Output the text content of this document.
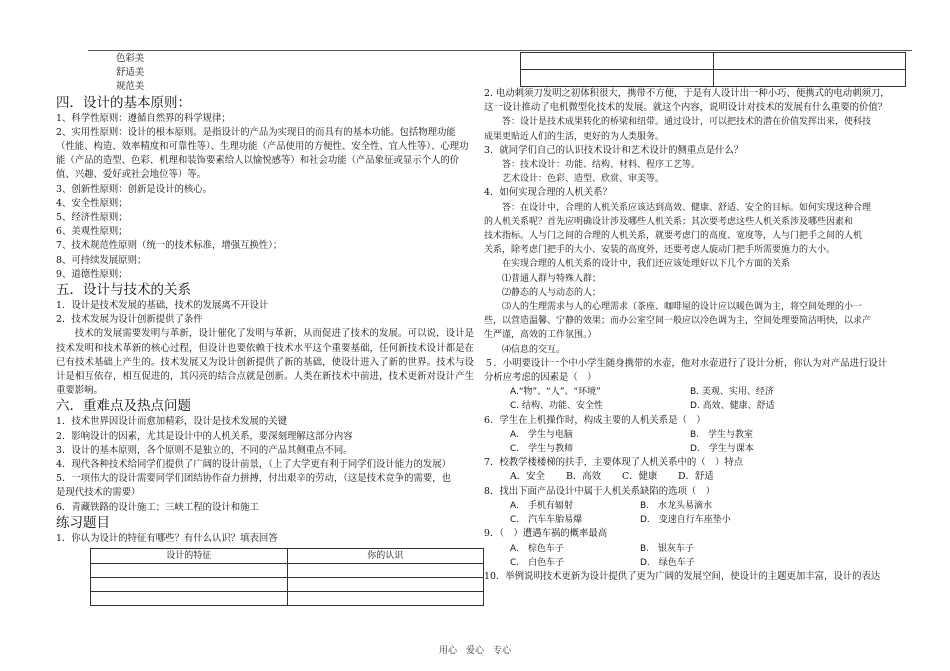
色彩美
舒适美
规范美
四．设计的基本原则：
1、科学性原则：遵循自然界的科学规律；
2、实用性原则：设计的根本原则。是指设计的产品为实现目的而具有的基本功能。包括物理功能
（性能、构造、效率精度和可靠性等）、生理功能（产品使用的方便性、安全性、宜人性等）、心理功
能（产品的造型、色彩、机理和装饰要素给人以愉悦感等）和社会功能（产品象征或显示个人的价
值、兴趣、爱好或社会地位等）等。
3、创新性原则：创新是设计的核心。
4、安全性原则；
5、经济性原则；
6、美观性原则；
7、技术规范性原则（统一的技术标准，增强互换性）；
8、可持续发展原则；
9、道德性原则；
五．设计与技术的关系
1．设计是技术发展的基础，技术的发展离不开设计
2．技术发展为设计创新提供了条件
技术的发展需要发明与革新，设计催化了发明与革新，从而促进了技术的发展。可以说，设计是技术发明和技术革新的核心过程，但设计也要依赖于技术水平这个重要基础，任何新技术设计都是在已有技术基础上产生的。技术发展又为设计创新提供了新的基础，使设计进入了新的世界。技术与设计是相互依存，相互促进的，其闪亮的结合点就是创新。人类在新技术中前进，技术更新对设计产生重要影响。
六．重难点及热点问题
1．技术世界因设计而愈加精彩，设计是技术发展的关键
2．影响设计的因素，尤其是设计中的人机关系，要深刻理解这部分内容
3．设计的基本原则，各个原则不是独立的，不同的产品其侧重点不同。
4．现代各种技术给同学们提供了广阔的设计前景，（上了大学更有利于同学们设计能力的发展）
5．一项伟大的设计需要同学们团结协作奋力拼搏，付出艰辛的劳动，（这是技术竞争的需要，也
是现代技术的需要）
6．青藏铁路的设计施工；三峡工程的设计和施工
练习题目
1．你认为设计的特征有哪些？有什么认识？填表回答
设计的特征	你的认识

2. 电动刺须刀发明之初体积很大，携带不方便，于是有人设计出一种小巧、便携式的电动刺须刀，
这一设计推动了电机微型化技术的发展。就这个内容，说明设计对技术的发展有什么重要的价值？
答：设计是技术成果转化的桥梁和纽带。通过设计，可以把技术的潜在价值发挥出来，使科技
成果更贴近人们的生活，更好的为人类服务。
3．就同学们自己的认识技术设计和艺术设计的侧重点是什么？
答：技术设计：功能、结构、材料、程序工艺等。
艺术设计：色彩、造型、欣赏、审美等。
4．如何实现合理的人机关系？
答：在设计中，合理的人机关系应该达到高效、健康、舒适、安全的目标。如何实现这种合理
的人机关系呢？首先应明确设计涉及哪些人机关系；其次要考虑这些人机关系涉及哪些因素和
技术指标。人与门之间的合理的人机关系，就要考虑门的高度、宽度等，人与门把手之间的人机
关系，除考虑门把手的大小、安装的高度外，还要考虑人旋动门把手所需要施力的大小。
在实现合理的人机关系的设计中，我们还应该处理好以下几个方面的关系
⑴普通人群与特殊人群；
⑵静态的人与动态的人；
⑶人的生理需求与人的心理需求（茶座、咖啡屋的设计应以暖色调为主，将空间处理的小一
些，以营造温馨、宁静的效果；而办公室空间一般应以冷色调为主，空间处理要简洁明快，以求产
生严谨，高效的工作氛围。）
⑷信息的交互。
５．小明要设计一个中小学生随身携带的水壶，他对水壶进行了设计分析，你认为对产品进行设计
分析应考虑的因素是（　）
A.“物”、“人”、“环境”	B. 美观、实用、经济
C. 结构、功能、安全性	D. 高效、健康、舒适
6．学生在上机操作时，构成主要的人机关系是（　）
A.　学生与电脑	B.　学生与教室
C.　学生与教师	D.　学生与课本
7．校教学楼楼梯的扶手，主要体现了人机关系中的（　）特点
A．安全	B．高效	C．健康	D．舒适
8．找出下面产品设计中属于人机关系缺陷的选项（　）
A.　手机有辐射	B.　水龙头易滴水
C.　汽车车胎易爆	D.　变速自行车座垫小
9．（　）遭遇车祸的概率最高
A.　棕色车子	B.　银灰车子
C.　白色车子	D.　绿色车子
10．举例说明技术更新为设计提供了更为广阔的发展空间，使设计的主题更加丰富，设计的表达
用心　爱心　专心
